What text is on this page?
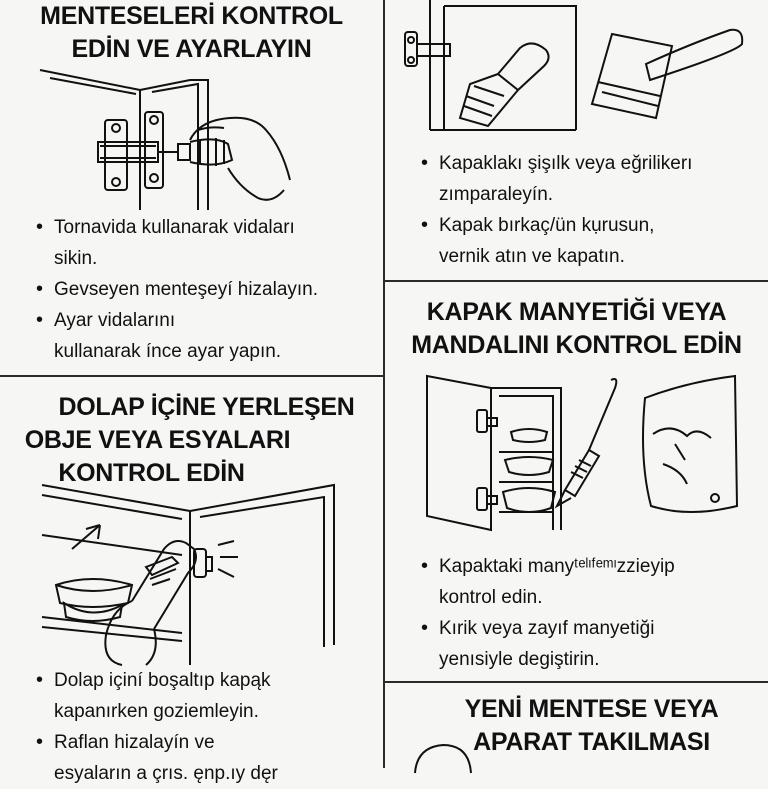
MENTESELERİ KONTROL
EDİN VE AYARLAYIN
• Tornavida kullanarak vidaları
sikin.
• Gevseyen menteşeyí hizalayın.
• Ayar vidalarını
kullanarak ínce ayar yapın.
• Kapaklakı şişılk veya eğrilikerı
zımparaleyín.
• Kapak bırkaç/ün kụrusun,
vernik atın ve kapatın.
DOLAP İÇİNE YERLEŞEN
OBJE VEYA ESYALARI
KONTROL EDİN
• Dolap içiní boşaltıp kapąk
kapanırken goziemleyin.
• Raflan hizalayín ve
esyaların a çrıs. ęnp.ıy dęr
KAPAK MANYETİĞİ VEYA
MANDALINI KONTROL EDİN
• Kapaktaki manyᵗᵉˡᶦᶠᵉᵐᶦzzieyip
kontrol edin.
• Kırik veya zayıf manyetiği
yenısiyle degiştirin.
YENİ MENTESE VEYA
APARAT TAKILMASI
